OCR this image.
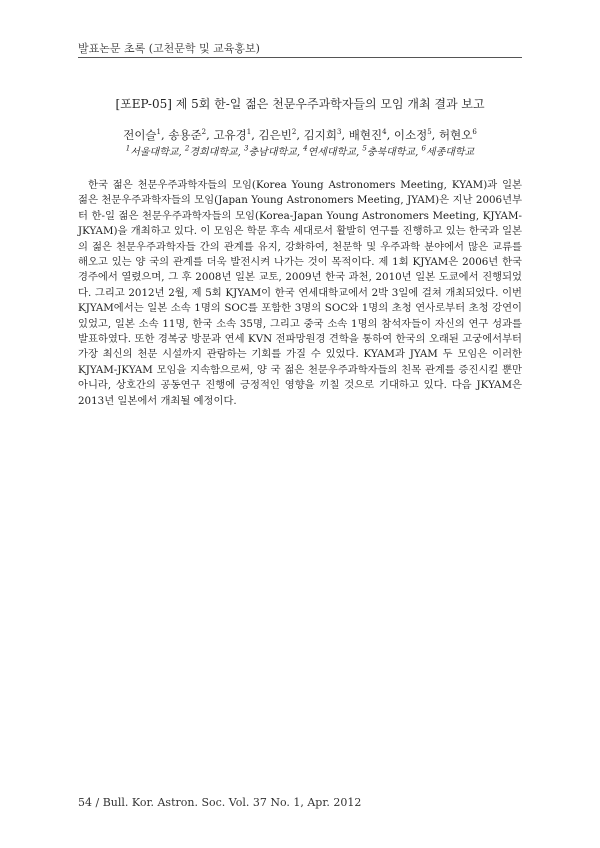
발표논문 초록 (고천문학 및 교육홍보)
[포EP-05] 제 5회 한-일 젊은 천문우주과학자들의 모임 개최 결과 보고
전이슬$^1$, 송용준$^2$, 고유경$^1$, 김은빈$^2$, 김지희$^3$, 배현진$^4$, 이소정$^5$, 허현오$^6$
$^1$서울대학교, $^2$경희대학교, $^3$충남대학교, $^4$연세대학교, $^5$충북대학교, $^6$세종대학교

한국 젊은 천문우주과학자들의 모임(Korea Young Astronomers Meeting, KYAM)과 일본 젊은 천문우주과학자들의 모임(Japan Young Astronomers Meeting, JYAM)은 지난 2006년부터 한-일 젊은 천문우주과학자들의 모임(Korea-Japan Young Astronomers Meeting, KJYAM-JKYAM)을 개최하고 있다. 이 모임은 학문 후속 세대로서 활발히 연구를 진행하고 있는 한국과 일본의 젊은 천문우주과학자들 간의 관계를 유지, 강화하여, 천문학 및 우주과학 분야에서 많은 교류를 해오고 있는 양 국의 관계를 더욱 발전시켜 나가는 것이 목적이다. 제 1회 KJYAM은 2006년 한국 경주에서 열렸으며, 그 후 2008년 일본 교토, 2009년 한국 과천, 2010년 일본 도쿄에서 진행되었다. 그리고 2012년 2월, 제 5회 KJYAM이 한국 연세대학교에서 2박 3일에 걸쳐 개최되었다. 이번 KJYAM에서는 일본 소속 1명의 SOC를 포함한 3명의 SOC와 1명의 초청 연사로부터 초청 강연이 있었고, 일본 소속 11명, 한국 소속 35명, 그리고 중국 소속 1명의 참석자들이 자신의 연구 성과를 발표하였다. 또한 경복궁 방문과 연세 KVN 전파망원경 견학을 통하여 한국의 오래된 고궁에서부터 가장 최신의 천문 시설까지 관람하는 기회를 가질 수 있었다. KYAM과 JYAM 두 모임은 이러한 KJYAM-JKYAM 모임을 지속함으로써, 양 국 젊은 천문우주과학자들의 친목 관계를 증진시킬 뿐만 아니라, 상호간의 공동연구 진행에 긍정적인 영향을 끼칠 것으로 기대하고 있다. 다음 JKYAM은 2013년 일본에서 개최될 예정이다.

54 / Bull. Kor. Astron. Soc. Vol. 37 No. 1, Apr. 2012
